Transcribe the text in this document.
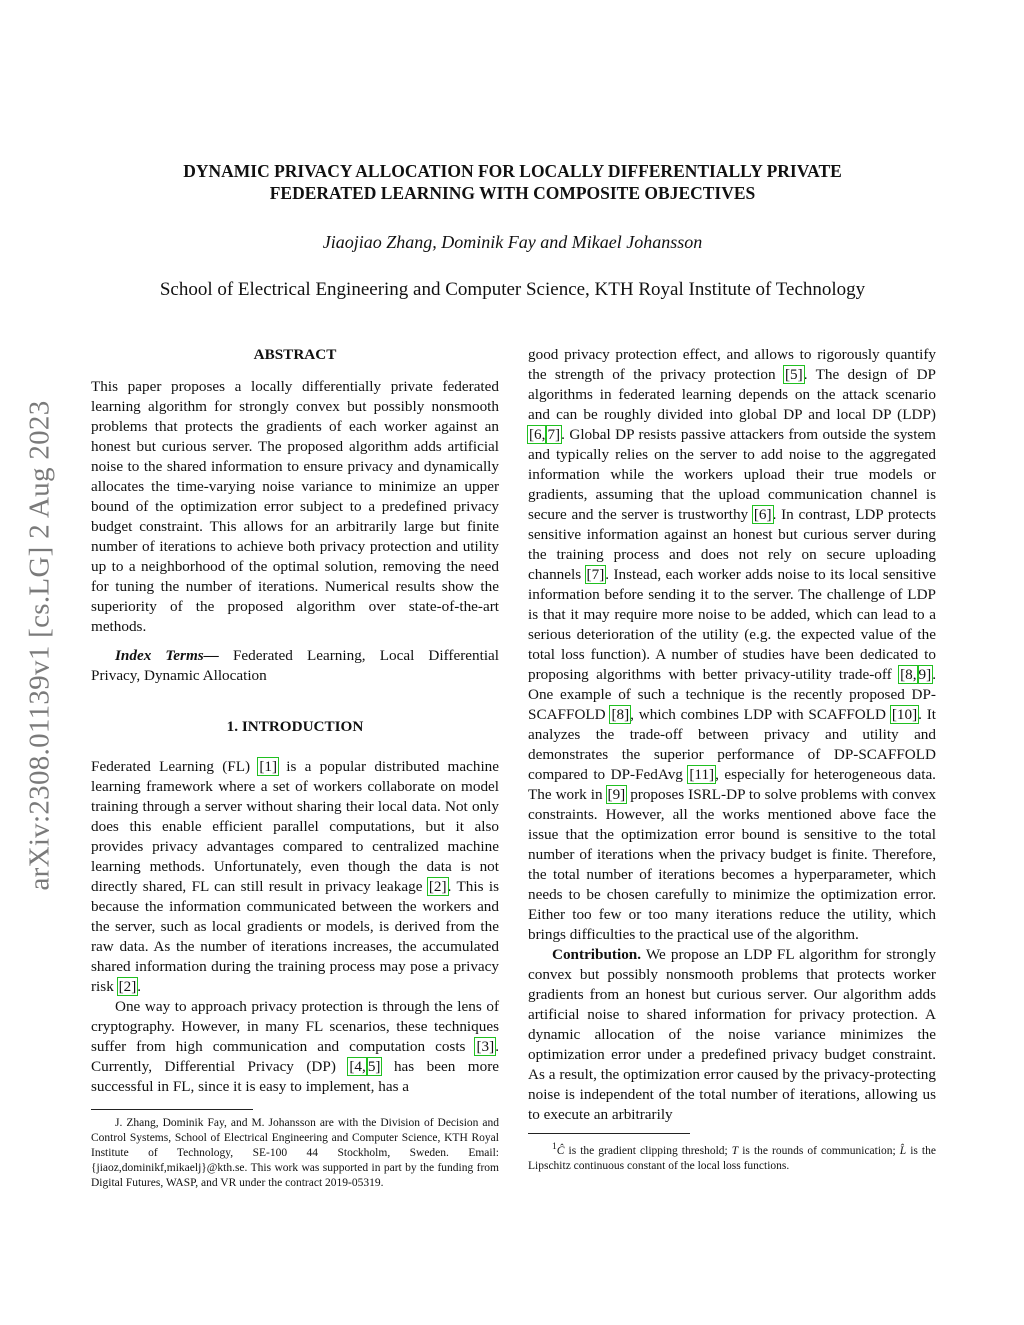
arXiv:2308.01139v1 [cs.LG] 2 Aug 2023
DYNAMIC PRIVACY ALLOCATION FOR LOCALLY DIFFERENTIALLY PRIVATE
FEDERATED LEARNING WITH COMPOSITE OBJECTIVES
Jiaojiao Zhang, Dominik Fay and Mikael Johansson
School of Electrical Engineering and Computer Science, KTH Royal Institute of Technology

ABSTRACT

This paper proposes a locally differentially private federated learning algorithm for strongly convex but possibly nonsmooth problems that protects the gradients of each worker against an honest but curious server. The proposed algorithm adds artificial noise to the shared information to ensure privacy and dynamically allocates the time-varying noise variance to minimize an upper bound of the optimization error subject to a predefined privacy budget constraint. This allows for an arbitrarily large but finite number of iterations to achieve both privacy protection and utility up to a neighborhood of the optimal solution, removing the need for tuning the number of iterations. Numerical results show the superiority of the proposed algorithm over state-of-the-art methods.

Index Terms— Federated Learning, Local Differential Privacy, Dynamic Allocation

1. INTRODUCTION

Federated Learning (FL) [1] is a popular distributed machine learning framework where a set of workers collaborate on model training through a server without sharing their local data. Not only does this enable efficient parallel computations, but it also provides privacy advantages compared to centralized machine learning methods. Unfortunately, even though the data is not directly shared, FL can still result in privacy leakage [2]. This is because the information communicated between the workers and the server, such as local gradients or models, is derived from the raw data. As the number of iterations increases, the accumulated shared information during the training process may pose a privacy risk [2].

One way to approach privacy protection is through the lens of cryptography. However, in many FL scenarios, these techniques suffer from high communication and computation costs [3]. Currently, Differential Privacy (DP) [4, 5] has been more successful in FL, since it is easy to implement, has a

J. Zhang, Dominik Fay, and M. Johansson are with the Division of Decision and Control Systems, School of Electrical Engineering and Computer Science, KTH Royal Institute of Technology, SE-100 44 Stockholm, Sweden. Email: {jiaoz,dominikf,mikaelj}@kth.se. This work was supported in part by the funding from Digital Futures, WASP, and VR under the contract 2019-05319.

good privacy protection effect, and allows to rigorously quantify the strength of the privacy protection [5]. The design of DP algorithms in federated learning depends on the attack scenario and can be roughly divided into global DP and local DP (LDP) [6, 7]. Global DP resists passive attackers from outside the system and typically relies on the server to add noise to the aggregated information while the workers upload their true models or gradients, assuming that the upload communication channel is secure and the server is trustworthy [6]. In contrast, LDP protects sensitive information against an honest but curious server during the training process and does not rely on secure uploading channels [7]. Instead, each worker adds noise to its local sensitive information before sending it to the server. The challenge of LDP is that it may require more noise to be added, which can lead to a serious deterioration of the utility (e.g. the expected value of the total loss function). A number of studies have been dedicated to proposing algorithms with better privacy-utility trade-off [8, 9]. One example of such a technique is the recently proposed DP-SCAFFOLD [8], which combines LDP with SCAFFOLD [10]. It analyzes the trade-off between privacy and utility and demonstrates the superior performance of DP-SCAFFOLD compared to DP-FedAvg [11], especially for heterogeneous data. The work in [9] proposes ISRL-DP to solve problems with convex constraints. However, all the works mentioned above face the issue that the optimization error bound is sensitive to the total number of iterations when the privacy budget is finite. Therefore, the total number of iterations becomes a hyperparameter, which needs to be chosen carefully to minimize the optimization error. Either too few or too many iterations reduce the utility, which brings difficulties to the practical use of the algorithm.

Contribution. We propose an LDP FL algorithm for strongly convex but possibly nonsmooth problems that protects worker gradients from an honest but curious server. Our algorithm adds artificial noise to shared information for privacy protection. A dynamic allocation of the noise variance minimizes the optimization error under a predefined privacy budget constraint. As a result, the optimization error caused by the privacy-protecting noise is independent of the total number of iterations, allowing us to execute an arbitrarily

$^1$Ĉ is the gradient clipping threshold; T is the rounds of communication; L̂ is the Lipschitz continuous constant of the local loss functions.
